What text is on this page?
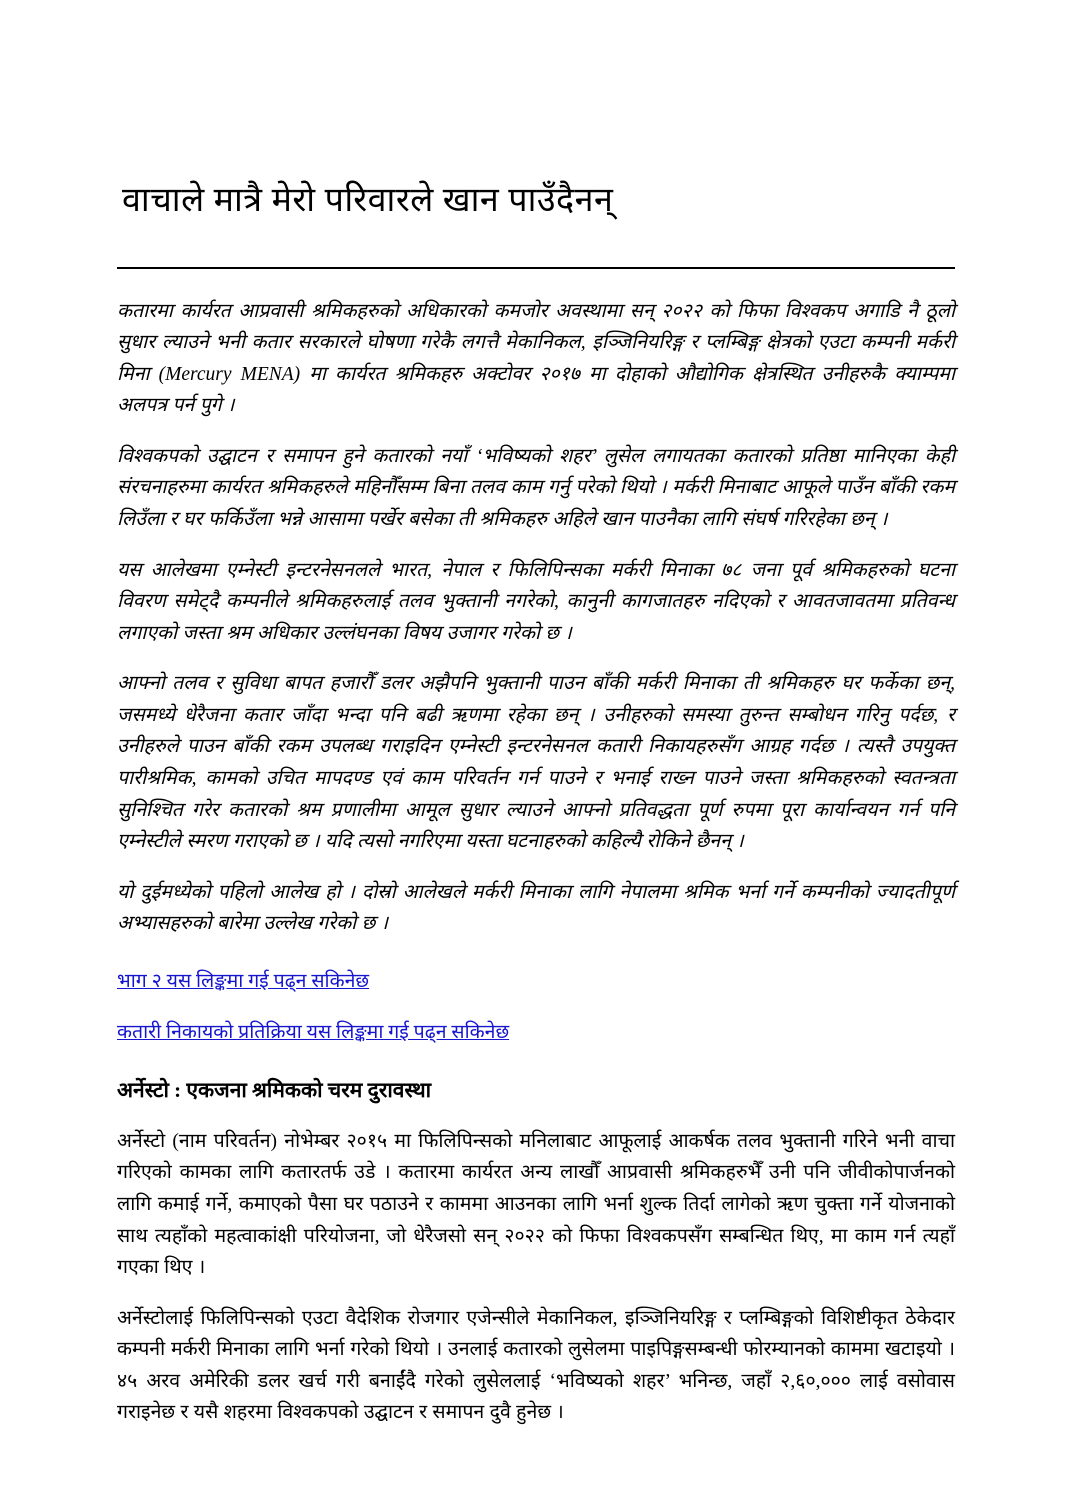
वाचाले मात्रै मेरो परिवारले खान पाउँदैनन्

कतारमा कार्यरत आप्रवासी श्रमिकहरुको अधिकारको कमजोर अवस्थामा सन् २०२२ को फिफा विश्वकप अगाडि नै ठूलो सुधार ल्याउने भनी कतार सरकारले घोषणा गरेकै लगत्तै मेकानिकल, इञ्जिनियरिङ्ग र प्लम्बिङ्ग क्षेत्रको एउटा कम्पनी मर्करी मिना (Mercury MENA) मा कार्यरत श्रमिकहरु अक्टोवर २०१७ मा दोहाको औद्योगिक क्षेत्रस्थित उनीहरुकै क्याम्पमा अलपत्र पर्न पुगे ।

विश्वकपको उद्घाटन र समापन हुने कतारको नयाँ ‘भविष्यको शहर’ लुसेल लगायतका कतारको प्रतिष्ठा मानिएका केही संरचनाहरुमा कार्यरत श्रमिकहरुले महिनौँसम्म बिना तलव काम गर्नु परेको थियो । मर्करी मिनाबाट आफूले पाउँन बाँकी रकम लिउँला र घर फर्किउँला भन्ने आसामा पर्खेर बसेका ती श्रमिकहरु अहिले खान पाउनैका लागि संघर्ष गरिरहेका छन् ।

यस आलेखमा एम्नेस्टी इन्टरनेसनलले भारत, नेपाल र फिलिपिन्सका मर्करी मिनाका ७८ जना पूर्व श्रमिकहरुको घटना विवरण समेट्दै कम्पनीले श्रमिकहरुलाई तलव भुक्तानी नगरेको, कानुनी कागजातहरु नदिएको र आवतजावतमा प्रतिवन्ध लगाएको जस्ता श्रम अधिकार उल्लंघनका विषय उजागर गरेको छ ।

आफ्नो तलव र सुविधा बापत हजारौँ डलर अझैपनि भुक्तानी पाउन बाँकी मर्करी मिनाका ती श्रमिकहरु घर फर्केका छन्, जसमध्ये धेरैजना कतार जाँदा भन्दा पनि बढी ऋणमा रहेका छन् । उनीहरुको समस्या तुरुन्त सम्बोधन गरिनु पर्दछ, र उनीहरुले पाउन बाँकी रकम उपलब्ध गराइदिन एम्नेस्टी इन्टरनेसनल कतारी निकायहरुसँग आग्रह गर्दछ । त्यस्तै उपयुक्त पारीश्रमिक, कामको उचित मापदण्ड एवं काम परिवर्तन गर्न पाउने र भनाई राख्न पाउने जस्ता श्रमिकहरुको स्वतन्त्रता सुनिश्चित गरेर कतारको श्रम प्रणालीमा आमूल सुधार ल्याउने आफ्नो प्रतिवद्धता पूर्ण रुपमा पूरा कार्यान्वयन गर्न पनि एम्नेस्टीले स्मरण गराएको छ । यदि त्यसो नगरिएमा यस्ता घटनाहरुको कहिल्यै रोकिने छैनन् ।

यो दुईमध्येको पहिलो आलेख हो । दोस्रो आलेखले मर्करी मिनाका लागि नेपालमा श्रमिक भर्ना गर्ने कम्पनीको ज्यादतीपूर्ण अभ्यासहरुको बारेमा उल्लेख गरेको छ ।

भाग २ यस लिङ्कमा गई पढ्न सकिनेछ

कतारी निकायको प्रतिक्रिया यस लिङ्कमा गई पढ्न सकिनेछ

अर्नेस्टो : एकजना श्रमिकको चरम दुरावस्था

अर्नेस्टो (नाम परिवर्तन) नोभेम्बर २०१५ मा फिलिपिन्सको मनिलाबाट आफूलाई आकर्षक तलव भुक्तानी गरिने भनी वाचा गरिएको कामका लागि कतारतर्फ उडे । कतारमा कार्यरत अन्य लाखौँ आप्रवासी श्रमिकहरुभैँ उनी पनि जीवीकोपार्जनको लागि कमाई गर्ने, कमाएको पैसा घर पठाउने र काममा आउनका लागि भर्ना शुल्क तिर्दा लागेको ऋण चुक्ता गर्ने योजनाको साथ त्यहाँको महत्वाकांक्षी परियोजना, जो धेरैजसो सन् २०२२ को फिफा विश्वकपसँग सम्बन्धित थिए, मा काम गर्न त्यहाँ गएका थिए ।

अर्नेस्टोलाई फिलिपिन्सको एउटा वैदेशिक रोजगार एजेन्सीले मेकानिकल, इञ्जिनियरिङ्ग र प्लम्बिङ्गको विशिष्टीकृत ठेकेदार कम्पनी मर्करी मिनाका लागि भर्ना गरेको थियो । उनलाई कतारको लुसेलमा पाइपिङ्गसम्बन्धी फोरम्यानको काममा खटाइयो । ४५ अरव अमेरिकी डलर खर्च गरी बनाईंदै गरेको लुसेललाई ‘भविष्यको शहर’ भनिन्छ, जहाँ २,६०,००० लाई वसोवास गराइनेछ र यसै शहरमा विश्वकपको उद्घाटन र समापन दुवै हुनेछ ।
